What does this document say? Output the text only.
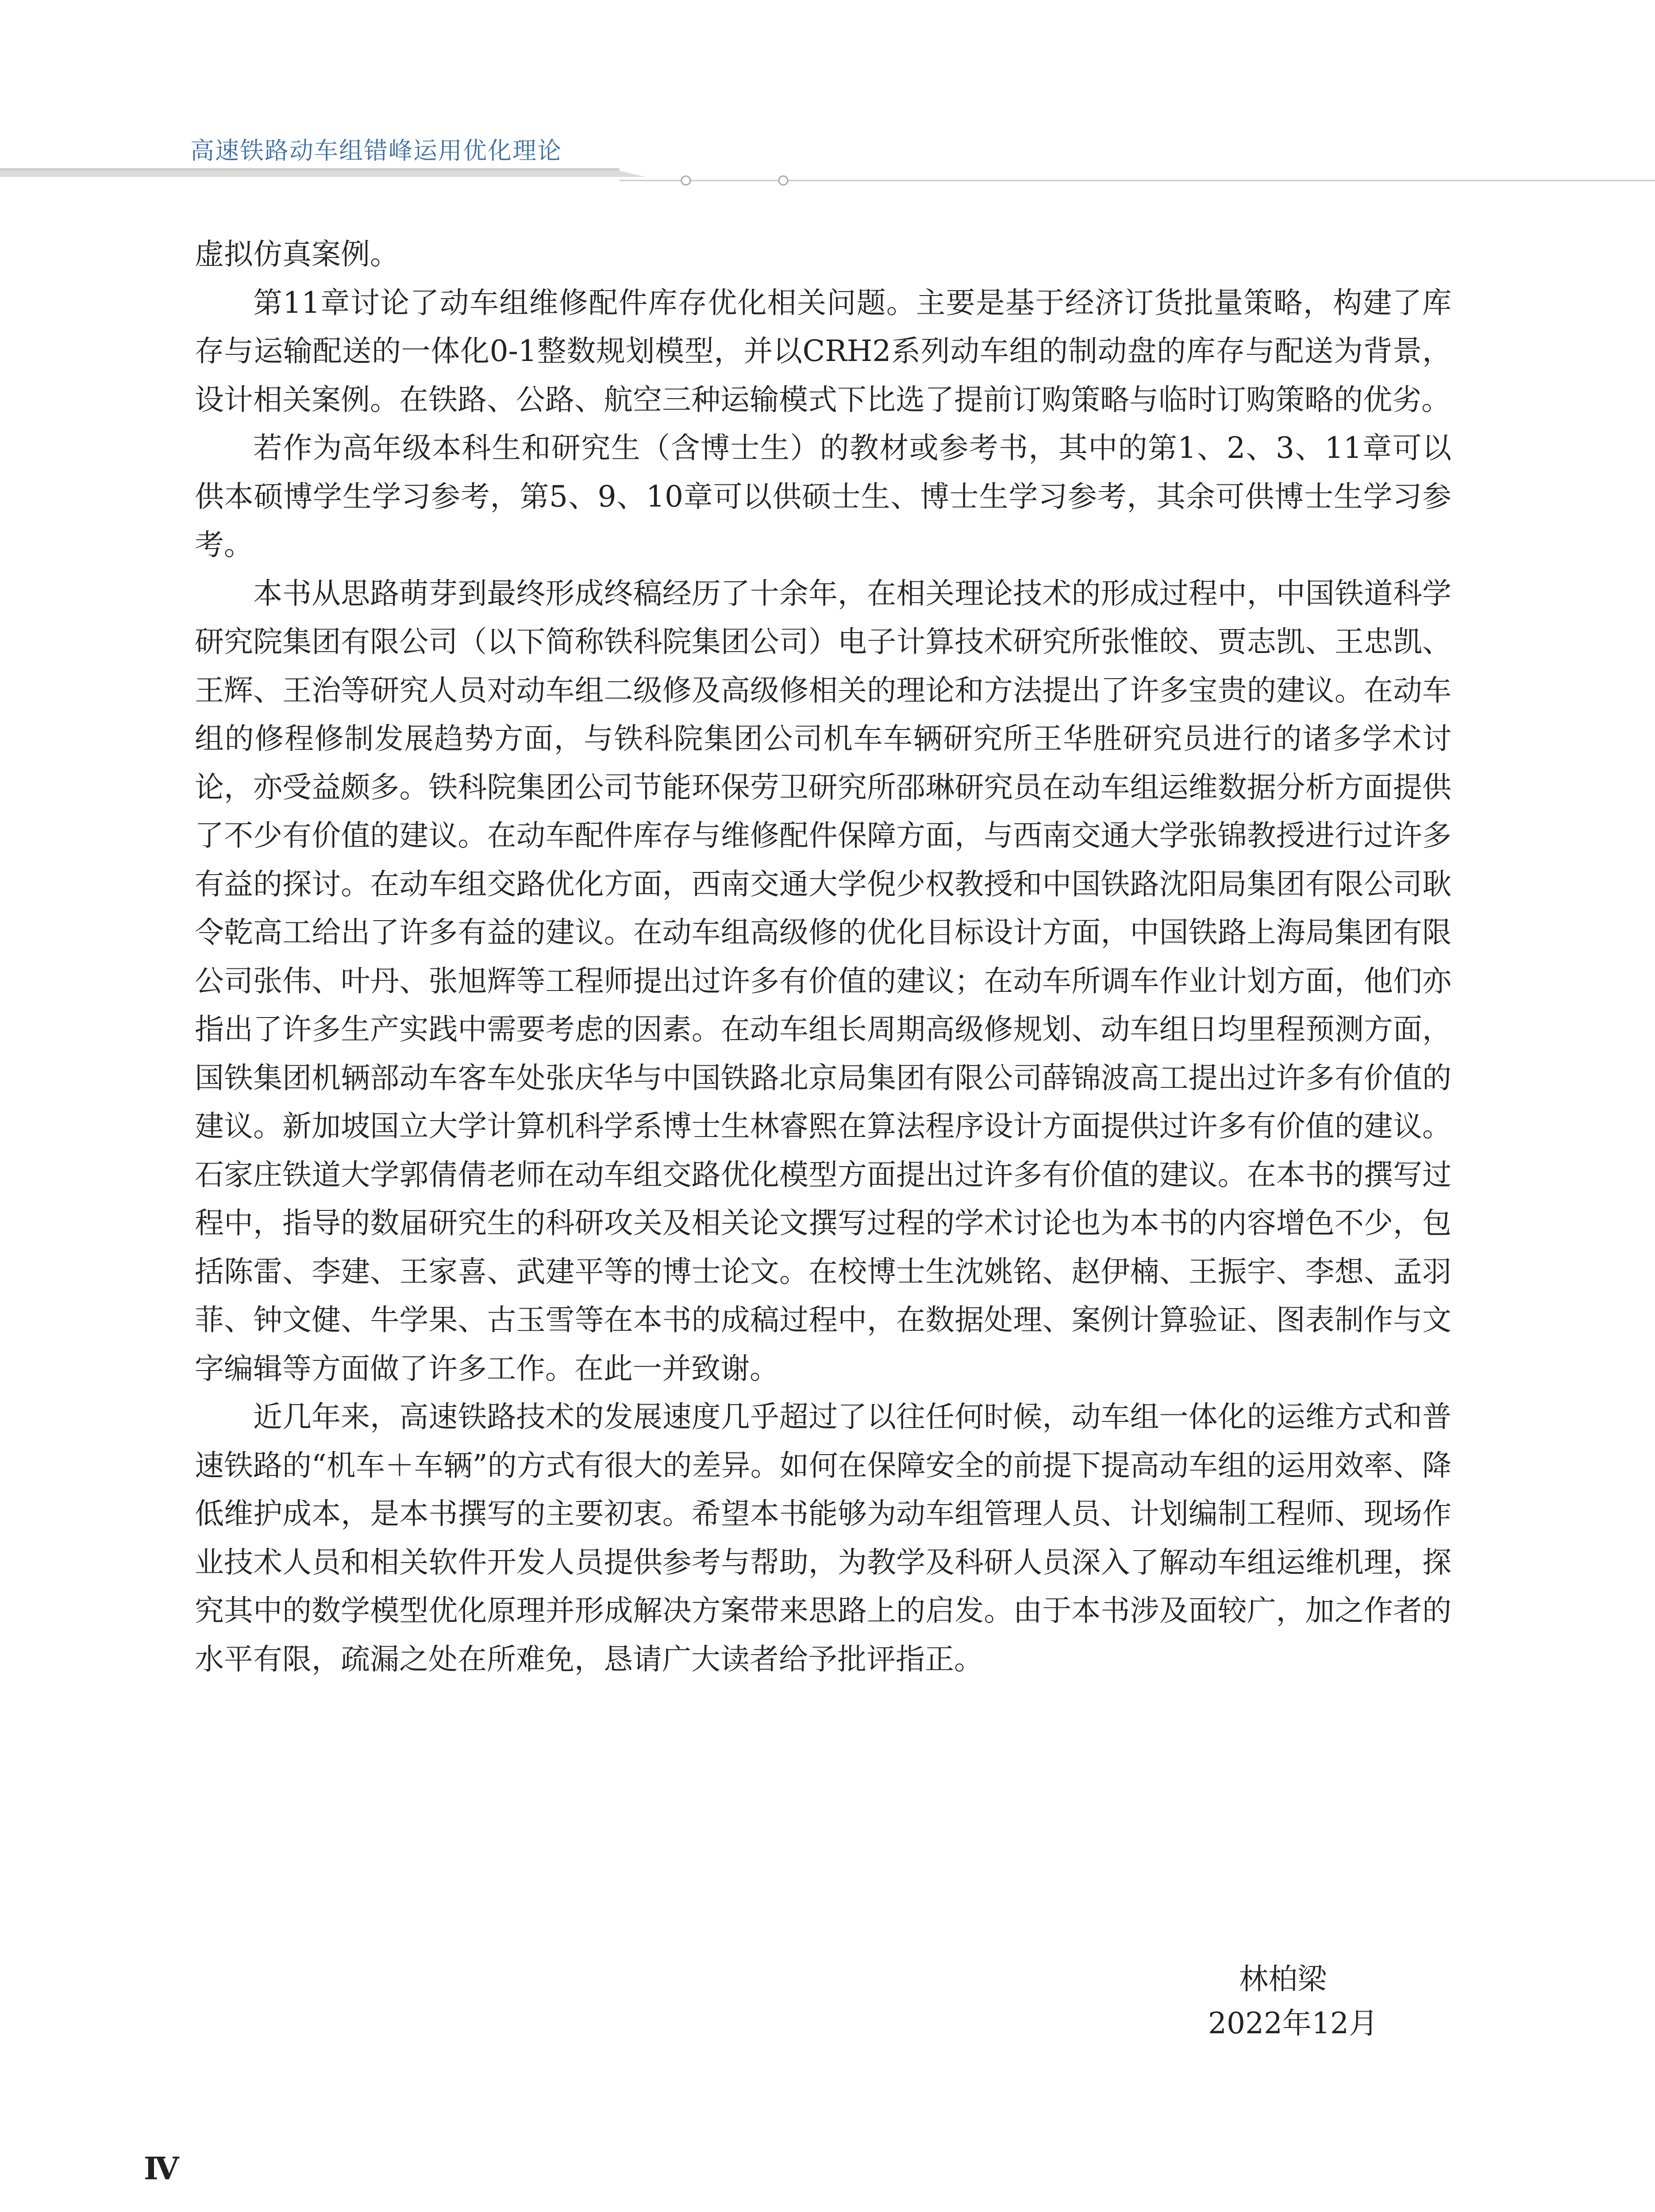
高速铁路动车组错峰运用优化理论

虚拟仿真案例。

第11章讨论了动车组维修配件库存优化相关问题。主要是基于经济订货批量策略，构建了库存与运输配送的一体化0-1整数规划模型，并以CRH2系列动车组的制动盘的库存与配送为背景，设计相关案例。在铁路、公路、航空三种运输模式下比选了提前订购策略与临时订购策略的优劣。

若作为高年级本科生和研究生（含博士生）的教材或参考书，其中的第1、2、3、11章可以供本硕博学生学习参考，第5、9、10章可以供硕士生、博士生学习参考，其余可供博士生学习参考。

本书从思路萌芽到最终形成终稿经历了十余年，在相关理论技术的形成过程中，中国铁道科学研究院集团有限公司（以下简称铁科院集团公司）电子计算技术研究所张惟皎、贾志凯、王忠凯、王辉、王治等研究人员对动车组二级修及高级修相关的理论和方法提出了许多宝贵的建议。在动车组的修程修制发展趋势方面，与铁科院集团公司机车车辆研究所王华胜研究员进行的诸多学术讨论，亦受益颇多。铁科院集团公司节能环保劳卫研究所邵琳研究员在动车组运维数据分析方面提供了不少有价值的建议。在动车配件库存与维修配件保障方面，与西南交通大学张锦教授进行过许多有益的探讨。在动车组交路优化方面，西南交通大学倪少权教授和中国铁路沈阳局集团有限公司耿令乾高工给出了许多有益的建议。在动车组高级修的优化目标设计方面，中国铁路上海局集团有限公司张伟、叶丹、张旭辉等工程师提出过许多有价值的建议；在动车所调车作业计划方面，他们亦指出了许多生产实践中需要考虑的因素。在动车组长周期高级修规划、动车组日均里程预测方面，国铁集团机辆部动车客车处张庆华与中国铁路北京局集团有限公司薛锦波高工提出过许多有价值的建议。新加坡国立大学计算机科学系博士生林睿熙在算法程序设计方面提供过许多有价值的建议。石家庄铁道大学郭倩倩老师在动车组交路优化模型方面提出过许多有价值的建议。在本书的撰写过程中，指导的数届研究生的科研攻关及相关论文撰写过程的学术讨论也为本书的内容增色不少，包括陈雷、李建、王家喜、武建平等的博士论文。在校博士生沈姚铭、赵伊楠、王振宇、李想、孟羽菲、钟文健、牛学果、古玉雪等在本书的成稿过程中，在数据处理、案例计算验证、图表制作与文字编辑等方面做了许多工作。在此一并致谢。

近几年来，高速铁路技术的发展速度几乎超过了以往任何时候，动车组一体化的运维方式和普速铁路的“机车＋车辆”的方式有很大的差异。如何在保障安全的前提下提高动车组的运用效率、降低维护成本，是本书撰写的主要初衷。希望本书能够为动车组管理人员、计划编制工程师、现场作业技术人员和相关软件开发人员提供参考与帮助，为教学及科研人员深入了解动车组运维机理，探究其中的数学模型优化原理并形成解决方案带来思路上的启发。由于本书涉及面较广，加之作者的水平有限，疏漏之处在所难免，恳请广大读者给予批评指正。

林柏梁
2022年12月
Ⅳ
